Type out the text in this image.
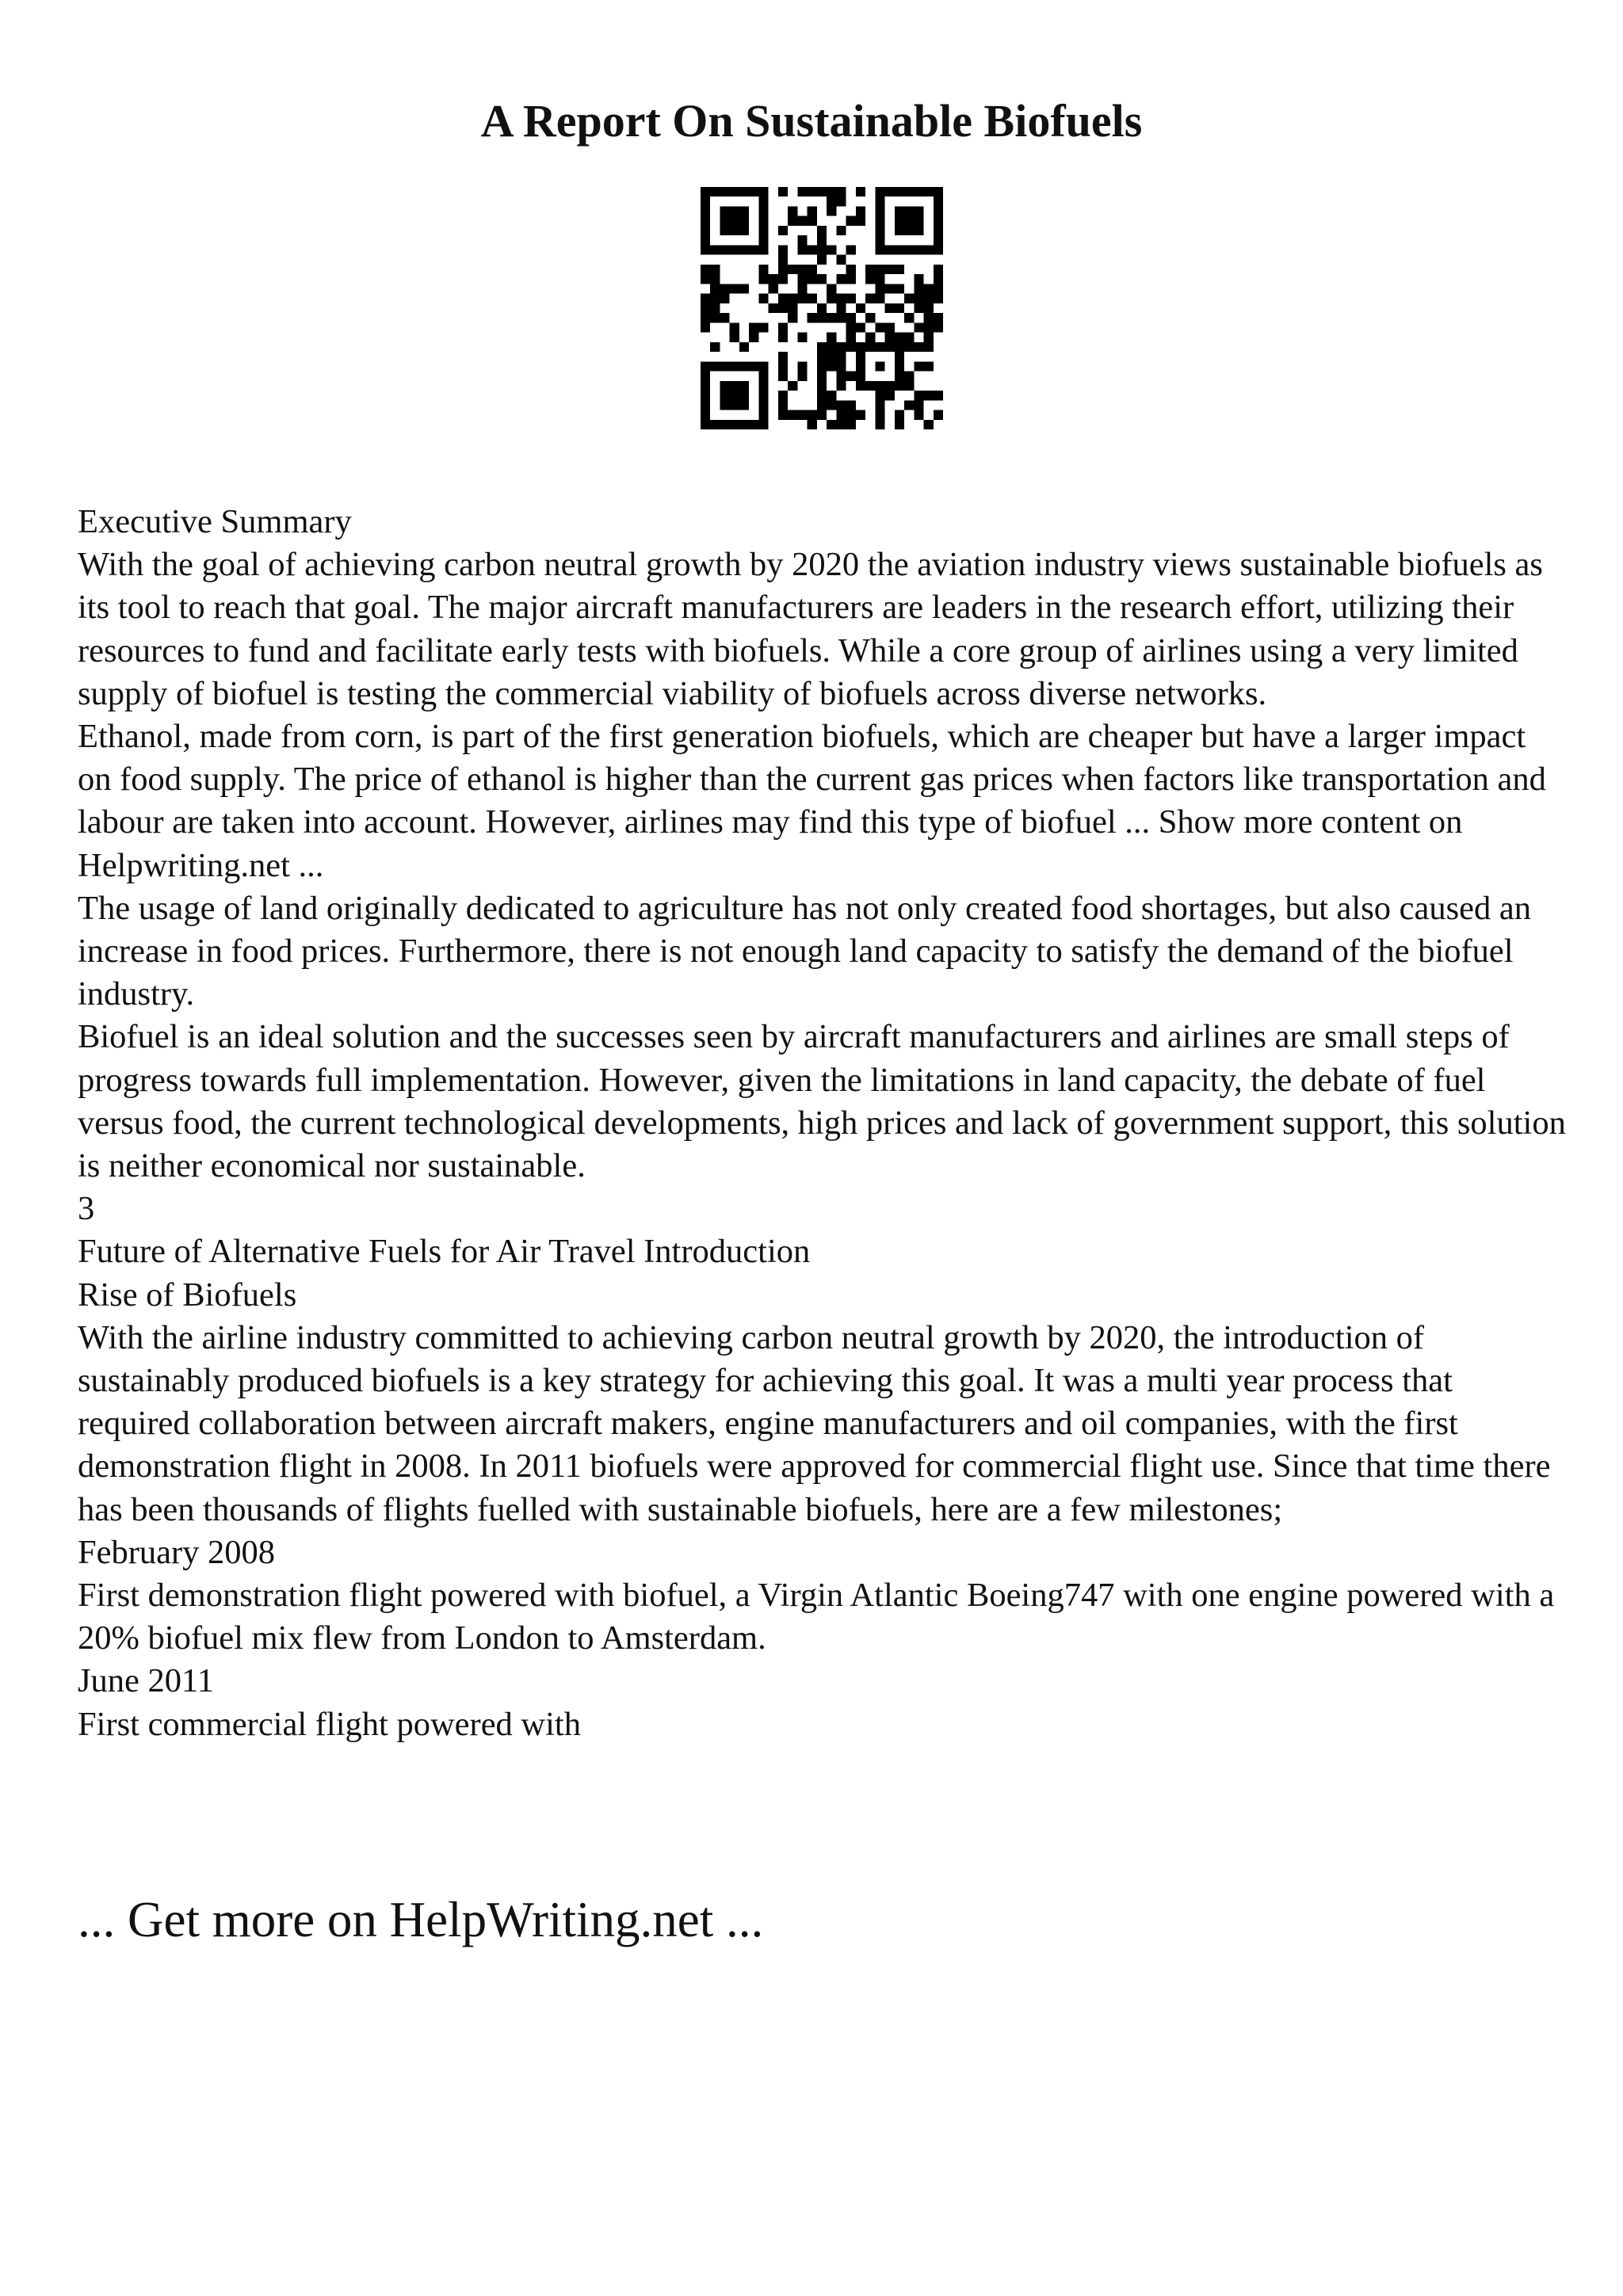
A Report On Sustainable Biofuels

Executive Summary

With the goal of achieving carbon neutral growth by 2020 the aviation industry views sustainable biofuels as its tool to reach that goal. The major aircraft manufacturers are leaders in the research effort, utilizing their resources to fund and facilitate early tests with biofuels. While a core group of airlines using a very limited supply of biofuel is testing the commercial viability of biofuels across diverse networks.

Ethanol, made from corn, is part of the first generation biofuels, which are cheaper but have a larger impact on food supply. The price of ethanol is higher than the current gas prices when factors like transportation and labour are taken into account. However, airlines may find this type of biofuel ... Show more content on Helpwriting.net ...

The usage of land originally dedicated to agriculture has not only created food shortages, but also caused an increase in food prices. Furthermore, there is not enough land capacity to satisfy the demand of the biofuel industry.

Biofuel is an ideal solution and the successes seen by aircraft manufacturers and airlines are small steps of progress towards full implementation. However, given the limitations in land capacity, the debate of fuel versus food, the current technological developments, high prices and lack of government support, this solution is neither economical nor sustainable.

3

Future of Alternative Fuels for Air Travel Introduction

Rise of Biofuels

With the airline industry committed to achieving carbon neutral growth by 2020, the introduction of sustainably produced biofuels is a key strategy for achieving this goal. It was a multi year process that required collaboration between aircraft makers, engine manufacturers and oil companies, with the first demonstration flight in 2008. In 2011 biofuels were approved for commercial flight use. Since that time there has been thousands of flights fuelled with sustainable biofuels, here are a few milestones;

February 2008

First demonstration flight powered with biofuel, a Virgin Atlantic Boeing747 with one engine powered with a 20% biofuel mix flew from London to Amsterdam.

June 2011

First commercial flight powered with

... Get more on HelpWriting.net ...
